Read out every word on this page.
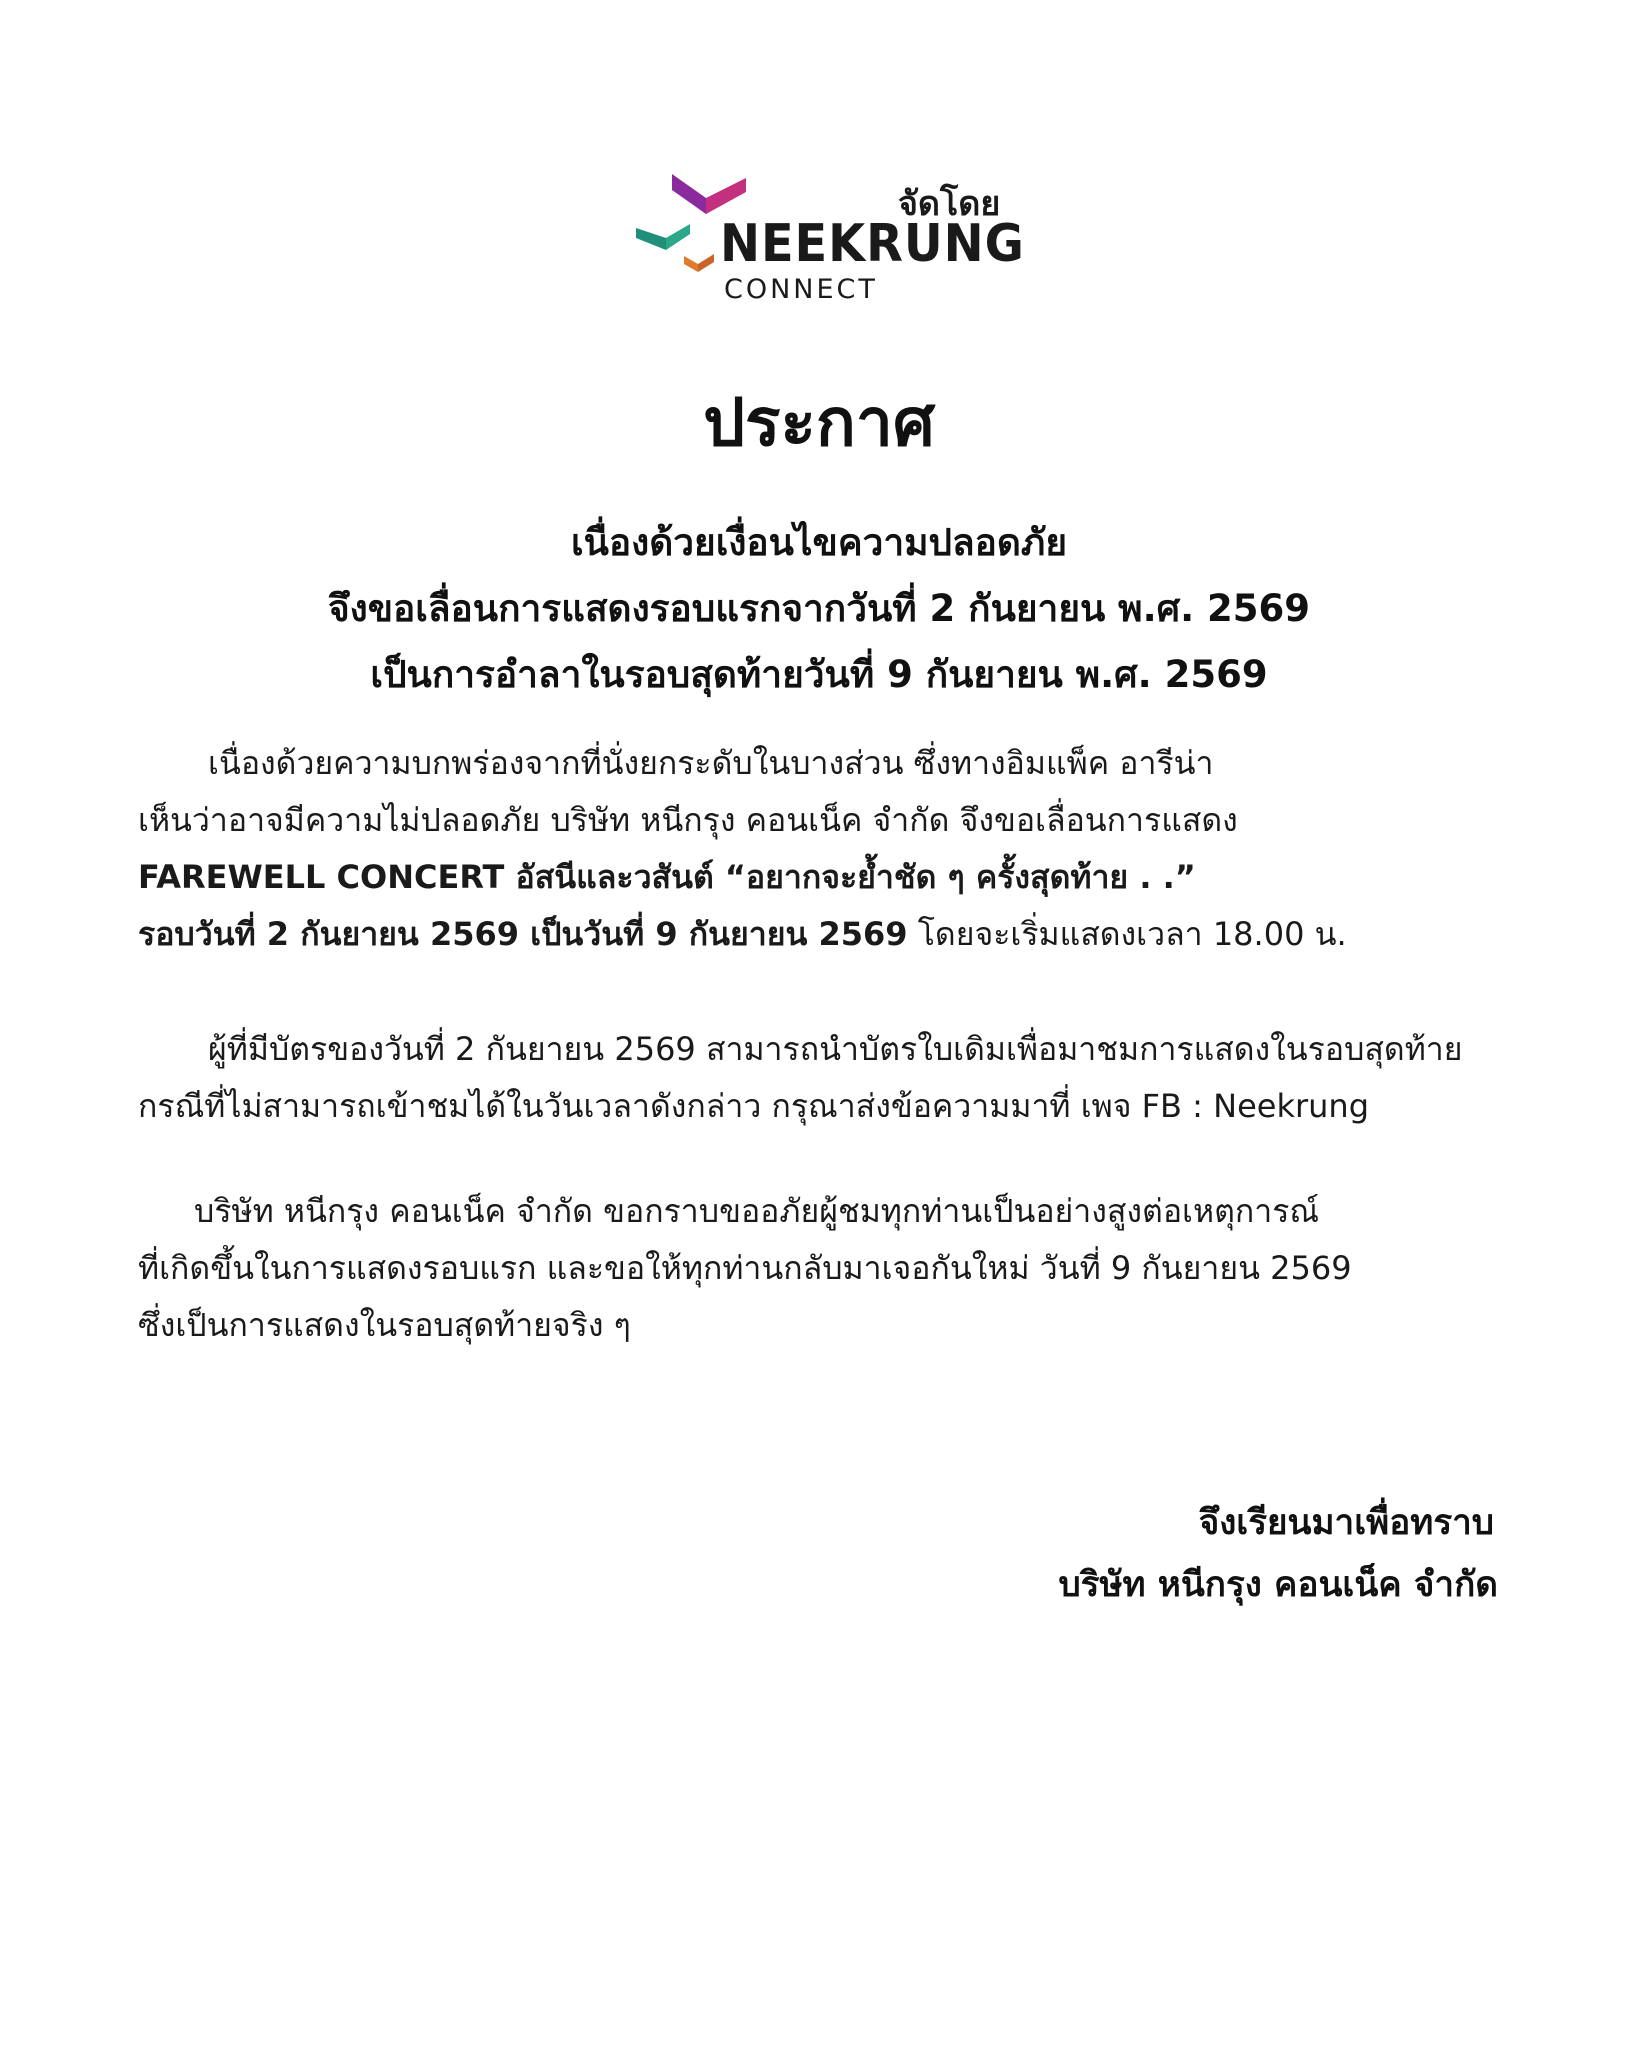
จัดโดย
NEEKRUNG
CONNECT
ประกาศ
เนื่องด้วยเงื่อนไขความปลอดภัย
จึงขอเลื่อนการแสดงรอบแรกจากวันที่ 2 กันยายน พ.ศ. 2569
เป็นการอำลาในรอบสุดท้ายวันที่ 9 กันยายน พ.ศ. 2569
เนื่องด้วยความบกพร่องจากที่นั่งยกระดับในบางส่วน ซึ่งทางอิมแพ็ค อารีน่า
เห็นว่าอาจมีความไม่ปลอดภัย บริษัท หนีกรุง คอนเน็ค จำกัด จึงขอเลื่อนการแสดง
FAREWELL CONCERT อัสนีและวสันต์ “อยากจะย้ำชัด ๆ ครั้งสุดท้าย . .”
รอบวันที่ 2 กันยายน 2569 เป็นวันที่ 9 กันยายน 2569 โดยจะเริ่มแสดงเวลา 18.00 น.
ผู้ที่มีบัตรของวันที่ 2 กันยายน 2569 สามารถนำบัตรใบเดิมเพื่อมาชมการแสดงในรอบสุดท้าย
กรณีที่ไม่สามารถเข้าชมได้ในวันเวลาดังกล่าว กรุณาส่งข้อความมาที่ เพจ FB : Neekrung
บริษัท หนีกรุง คอนเน็ค จำกัด ขอกราบขออภัยผู้ชมทุกท่านเป็นอย่างสูงต่อเหตุการณ์
ที่เกิดขึ้นในการแสดงรอบแรก และขอให้ทุกท่านกลับมาเจอกันใหม่ วันที่ 9 กันยายน 2569
ซึ่งเป็นการแสดงในรอบสุดท้ายจริง ๆ
จึงเรียนมาเพื่อทราบ
บริษัท หนีกรุง คอนเน็ค จำกัด
